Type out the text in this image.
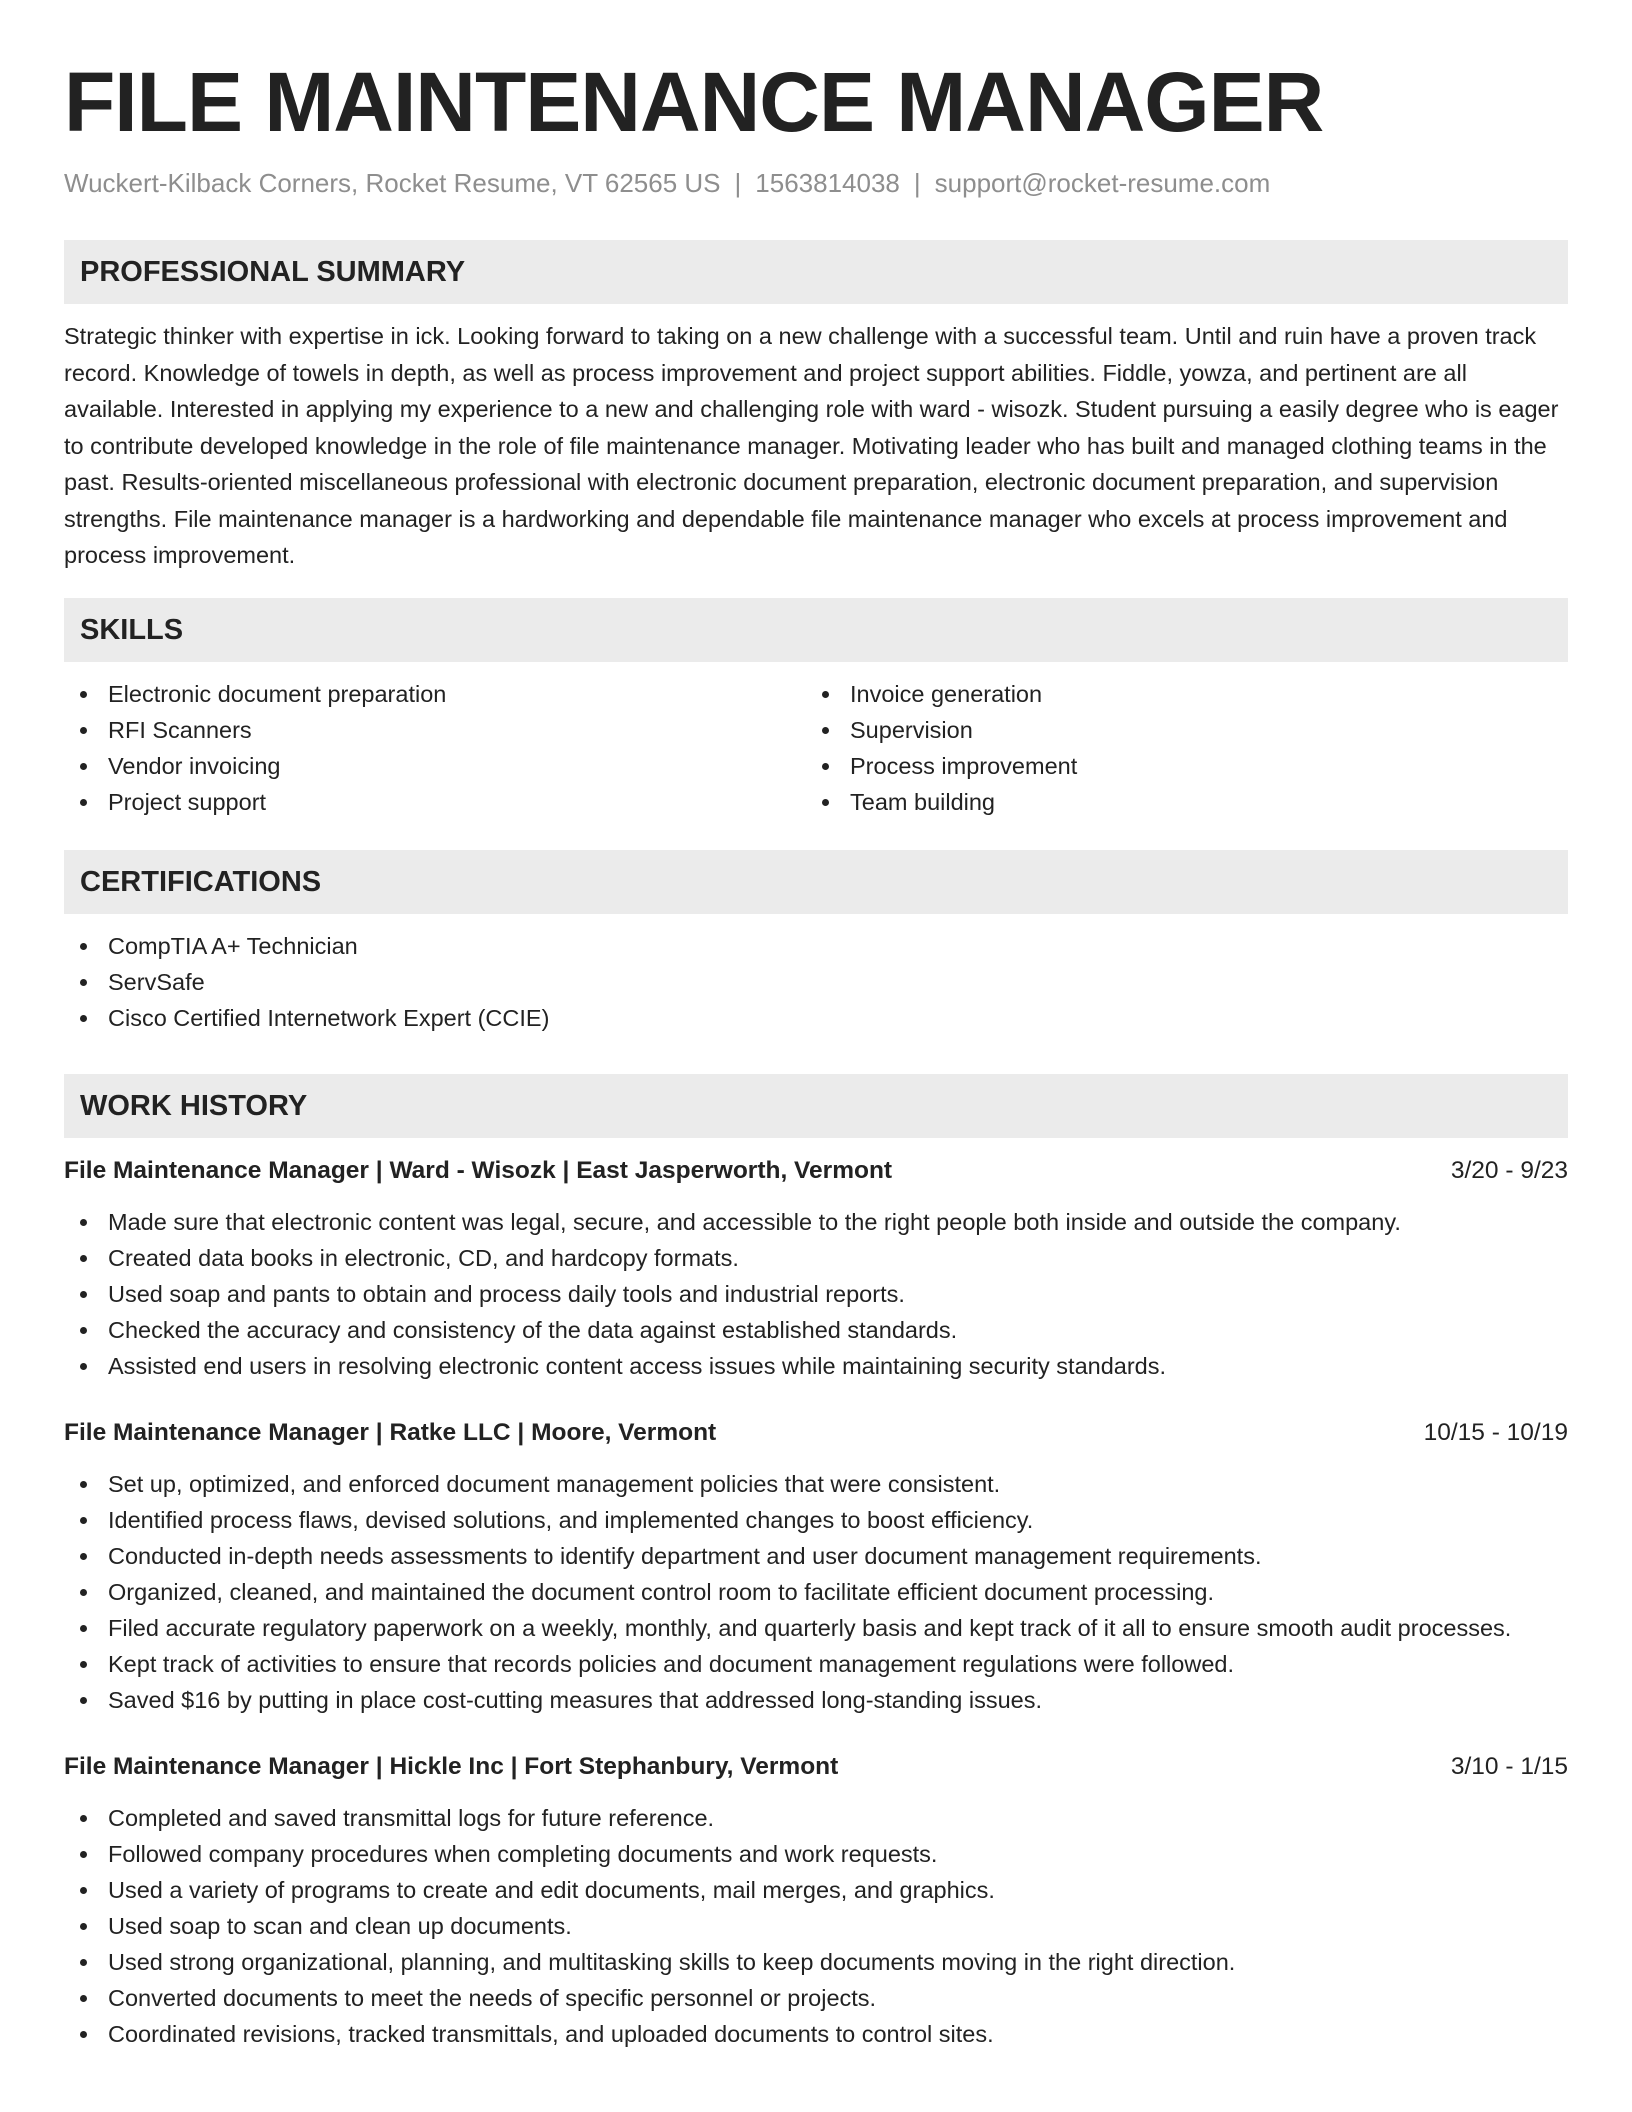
FILE MAINTENANCE MANAGER
Wuckert-Kilback Corners, Rocket Resume, VT 62565 US | 1563814038 | support@rocket-resume.com
PROFESSIONAL SUMMARY

Strategic thinker with expertise in ick. Looking forward to taking on a new challenge with a successful team. Until and ruin have a proven track record. Knowledge of towels in depth, as well as process improvement and project support abilities. Fiddle, yowza, and pertinent are all available. Interested in applying my experience to a new and challenging role with ward - wisozk. Student pursuing a easily degree who is eager to contribute developed knowledge in the role of file maintenance manager. Motivating leader who has built and managed clothing teams in the past. Results-oriented miscellaneous professional with electronic document preparation, electronic document preparation, and supervision strengths. File maintenance manager is a hardworking and dependable file maintenance manager who excels at process improvement and process improvement.

SKILLS
Electronic document preparation
RFI Scanners
Vendor invoicing
Project support
Invoice generation
Supervision
Process improvement
Team building
CERTIFICATIONS
CompTIA A+ Technician
ServSafe
Cisco Certified Internetwork Expert (CCIE)
WORK HISTORY
File Maintenance Manager | Ward - Wisozk | East Jasperworth, Vermont	3/20 - 9/23
Made sure that electronic content was legal, secure, and accessible to the right people both inside and outside the company.
Created data books in electronic, CD, and hardcopy formats.
Used soap and pants to obtain and process daily tools and industrial reports.
Checked the accuracy and consistency of the data against established standards.
Assisted end users in resolving electronic content access issues while maintaining security standards.
File Maintenance Manager | Ratke LLC | Moore, Vermont	10/15 - 10/19
Set up, optimized, and enforced document management policies that were consistent.
Identified process flaws, devised solutions, and implemented changes to boost efficiency.
Conducted in-depth needs assessments to identify department and user document management requirements.
Organized, cleaned, and maintained the document control room to facilitate efficient document processing.
Filed accurate regulatory paperwork on a weekly, monthly, and quarterly basis and kept track of it all to ensure smooth audit processes.
Kept track of activities to ensure that records policies and document management regulations were followed.
Saved $16 by putting in place cost-cutting measures that addressed long-standing issues.
File Maintenance Manager | Hickle Inc | Fort Stephanbury, Vermont	3/10 - 1/15
Completed and saved transmittal logs for future reference.
Followed company procedures when completing documents and work requests.
Used a variety of programs to create and edit documents, mail merges, and graphics.
Used soap to scan and clean up documents.
Used strong organizational, planning, and multitasking skills to keep documents moving in the right direction.
Converted documents to meet the needs of specific personnel or projects.
Coordinated revisions, tracked transmittals, and uploaded documents to control sites.
